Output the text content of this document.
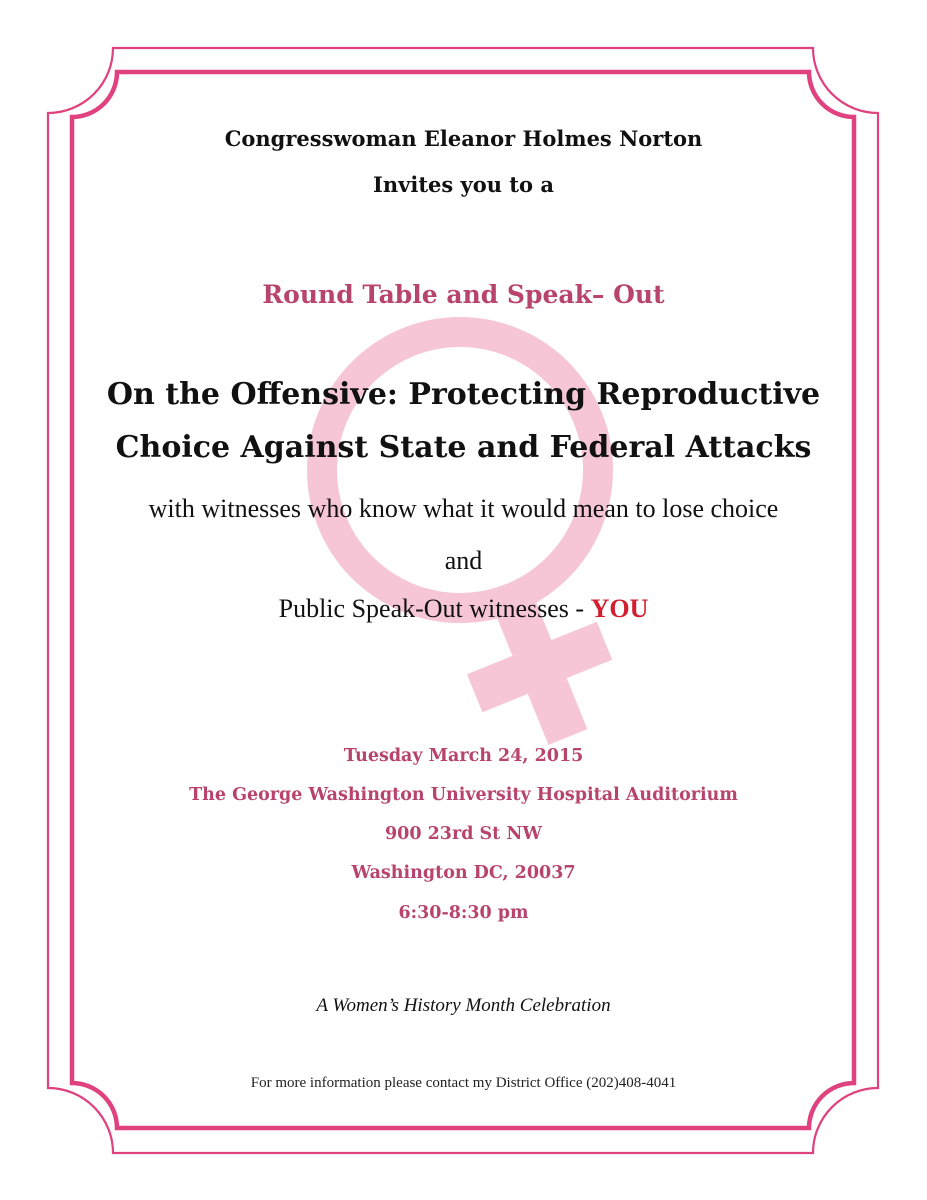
Congresswoman Eleanor Holmes Norton

Invites you to a

Round Table and Speak– Out

On the Offensive: Protecting Reproductive
Choice Against State and Federal Attacks

with witnesses who know what it would mean to lose choice

and

Public Speak-Out witnesses - YOU

Tuesday March 24, 2015

The George Washington University Hospital Auditorium

900 23rd St NW

Washington DC, 20037

6:30-8:30 pm

A Women’s History Month Celebration

For more information please contact my District Office (202)408-4041
